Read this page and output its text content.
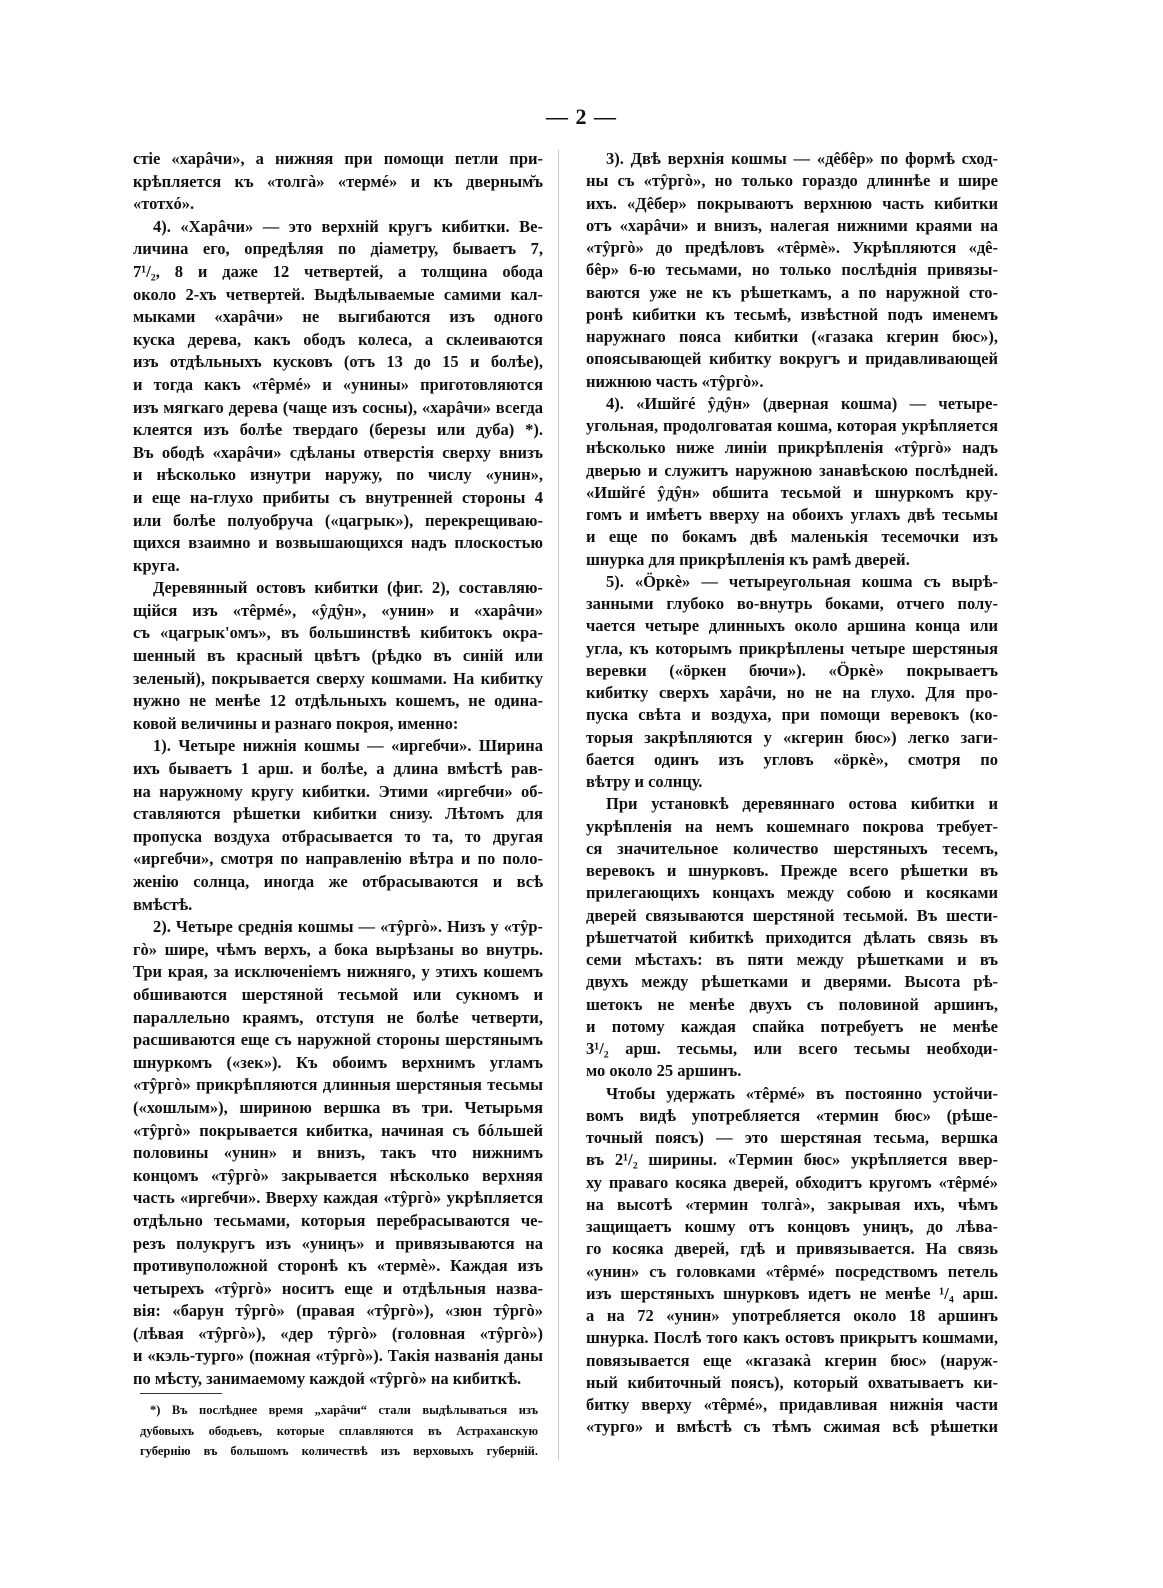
— 2 —
стіе «харâчи», а нижняя при помощи петли при-
крѣпляется къ «толгà» «термé» и къ дверным̆ъ
«тотхó».
4). «Харâчи» — это верхній кругъ кибитки. Ве-
личина его, опредѣляя по діаметру, бываетъ 7,
7¹/₂, 8 и даже 12 четвертей, а толщина обода
около 2-хъ четвертей. Выдѣлываемые самими кал-
мыками «харâчи» не выгибаются изъ одного
куска дерева, какъ ободъ колеса, а склеиваются
изъ отдѣльныхъ кусковъ (отъ 13 до 15 и болѣе),
и тогда какъ «тêрмé» и «унины» приготовляются
изъ мягкаго дерева (чаще изъ сосны), «харâчи» всегда
клеятся изъ болѣе твердаго (березы или дуба) *).
Въ ободѣ «харâчи» сдѣланы отверстія сверху внизъ
и нѣсколько изнутри наружу, по числу «унин»,
и еще на-глухо прибиты съ внутренней стороны 4
или болѣе полуобруча («цагрык»), перекрещиваю-
щихся взаимно и возвышающихся надъ плоскостью
круга.
Деревянный остовъ кибитки (фиг. 2), составляю-
щійся изъ «тêрмé», «ŷдŷн», «унин» и «харâчи»
съ «цагрык'омъ», въ большинствѣ кибитокъ окра-
шенный въ красный цвѣтъ (рѣдко въ синій или
зеленый), покрывается сверху кошмами. На кибитку
нужно не менѣе 12 отдѣльныхъ кошемъ, не одина-
ковой величины и разнаго покроя, именно:
1). Четыре нижнія кошмы — «иргебчи». Ширина
ихъ бываетъ 1 арш. и болѣе, а длина вмѣстѣ рав-
на наружному кругу кибитки. Этими «иргебчи» об-
ставляются рѣшетки кибитки снизу. Лѣтомъ для
пропуска воздуха отбрасывается то та, то другая
«иргебчи», смотря по направленію вѣтра и по поло-
женію солнца, иногда же отбрасываются и всѣ
вмѣстѣ.
2). Четыре среднія кошмы — «тŷргò». Низъ у «тŷр-
гò» шире, чѣмъ верхъ, а бока вырѣзаны во внутрь.
Три края, за исключеніемъ нижняго, у этихъ кошемъ
обшиваются шерстяной тесьмой или сукномъ и
параллельно краямъ, отступя не болѣе четверти,
расшиваются еще съ наружной стороны шерстянымъ
шнуркомъ («зек»). Къ обоимъ верхнимъ угламъ
«тŷргò» прикрѣпляются длинныя шерстяныя тесьмы
(«хошлым»), шириною вершка въ три. Четырьмя
«тŷргò» покрывается кибитка, начиная съ бóльшей
половины «унин» и внизъ, такъ что нижнимъ
концомъ «тŷргò» закрывается нѣсколько верхняя
часть «иргебчи». Вверху каждая «тŷргò» укрѣпляется
отдѣльно тесьмами, которыя перебрасываются че-
резъ полукругъ изъ «униңъ» и привязываются на
противуположной сторонѣ къ «термè». Каждая изъ
четырехъ «тŷргò» носитъ еще и отдѣльныя назва-
вія: «барун тŷргò» (правая «тŷргò»), «зюн тŷргò»
(лѣвая «тŷргò»), «дер тŷргò» (головная «тŷргò»)
и «кэль-турго» (пожная «тŷргò»). Такія названія даны
по мѣсту, занимаемому каждой «тŷргò» на кибиткѣ.
3). Двѣ верхнія кошмы — «дêбêр» по формѣ сход-
ны съ «тŷргò», но только гораздо длиннѣе и шире
ихъ. «Дêбер» покрываютъ верхнюю часть кибитки
отъ «харâчи» и внизъ, налегая нижними краями на
«тŷргò» до предѣловъ «тêрмè». Укрѣпляются «дê-
бêр» 6-ю тесьмами, но только послѣднія привязы-
ваются уже не къ рѣшеткамъ, а по наружной сто-
ронѣ кибитки къ тесьмѣ, извѣстной подъ именемъ
наружнаго пояса кибитки («газака кгерин бюс»),
опоясывающей кибитку вокругъ и придавливающей
нижнюю часть «тŷргò».
4). «Ишйгé ŷдŷн» (дверная кошма) — четыре-
угольная, продолговатая кошма, которая укрѣпляется
нѣсколько ниже линіи прикрѣпленія «тŷргò» надъ
дверью и служитъ наружною занавѣскою послѣдней.
«Ишйгé ŷдŷн» обшита тесьмой и шнуркомъ кру-
гомъ и имѣетъ вверху на обоихъ углахъ двѣ тесьмы
и еще по бокамъ двѣ маленькія тесемочки изъ
шнурка для прикрѣпленія къ рамѣ дверей.
5). «Öркè» — четыреугольная кошма съ вырѣ-
занными глубоко во-внутрь боками, отчего полу-
чается четыре длинныхъ около аршина конца или
угла, къ которымъ прикрѣплены четыре шерстяныя
веревки («öркен бючи»). «Öркè» покрываетъ
кибитку сверхъ харâчи, но не на глухо. Для про-
пуска свѣта и воздуха, при помощи веревокъ (ко-
торыя закрѣпляются у «кгерин бюс») легко заги-
бается одинъ изъ угловъ «öркè», смотря по
вѣтру и солнцу.
При установкѣ деревяннаго остова кибитки и
укрѣпленія на немъ кошемнаго покрова требует-
ся значительное количество шерстяныхъ тесемъ,
веревокъ и шнурковъ. Прежде всего рѣшетки въ
прилегающихъ концахъ между собою и косяками
дверей связываются шерстяной тесьмой. Въ шести-
рѣшетчатой кибиткѣ приходится дѣлать связь въ
семи мѣстахъ: въ пяти между рѣшетками и въ
двухъ между рѣшетками и дверями. Высота рѣ-
шетокъ не менѣе двухъ съ половиной аршинъ,
и потому каждая спайка потребуетъ не менѣе
3¹/₂ арш. тесьмы, или всего тесьмы необходи-
мо около 25 аршинъ.
Чтобы удержать «тêрмé» въ постоянно устойчи-
вомъ видѣ употребляется «термин бюс» (рѣше-
точный поясъ) — это шерстяная тесьма, вершка
въ 2¹/₂ ширины. «Термин бюс» укрѣпляется ввер-
ху праваго косяка дверей, обходитъ кругомъ «тêрмé»
на высотѣ «термин толгà», закрывая ихъ, чѣмъ
защищаетъ кошму отъ концовъ униңъ, до лѣва-
го косяка дверей, гдѣ и привязывается. На связь
«унин» съ головками «тêрмé» посредствомъ петель
изъ шерстяныхъ шнурковъ идетъ не менѣе ¹/₄ арш.
а на 72 «унин» употребляется около 18 аршинъ
шнурка. Послѣ того какъ остовъ прикрытъ кошмами,
повязывается еще «кгазакà кгерин бюс» (наруж-
ный кибиточный поясъ), который охватываетъ ки-
битку вверху «тêрмé», придавливая нижнія части
«турго» и вмѣстѣ съ тѣмъ сжимая всѣ рѣшетки
*) Въ послѣднее время „харâчи“ стали выдѣлываться изъ
дубовыхъ ободьевъ, которые сплавляются въ Астраханскую
губернію въ большомъ количествѣ изъ верховыхъ губерній.
